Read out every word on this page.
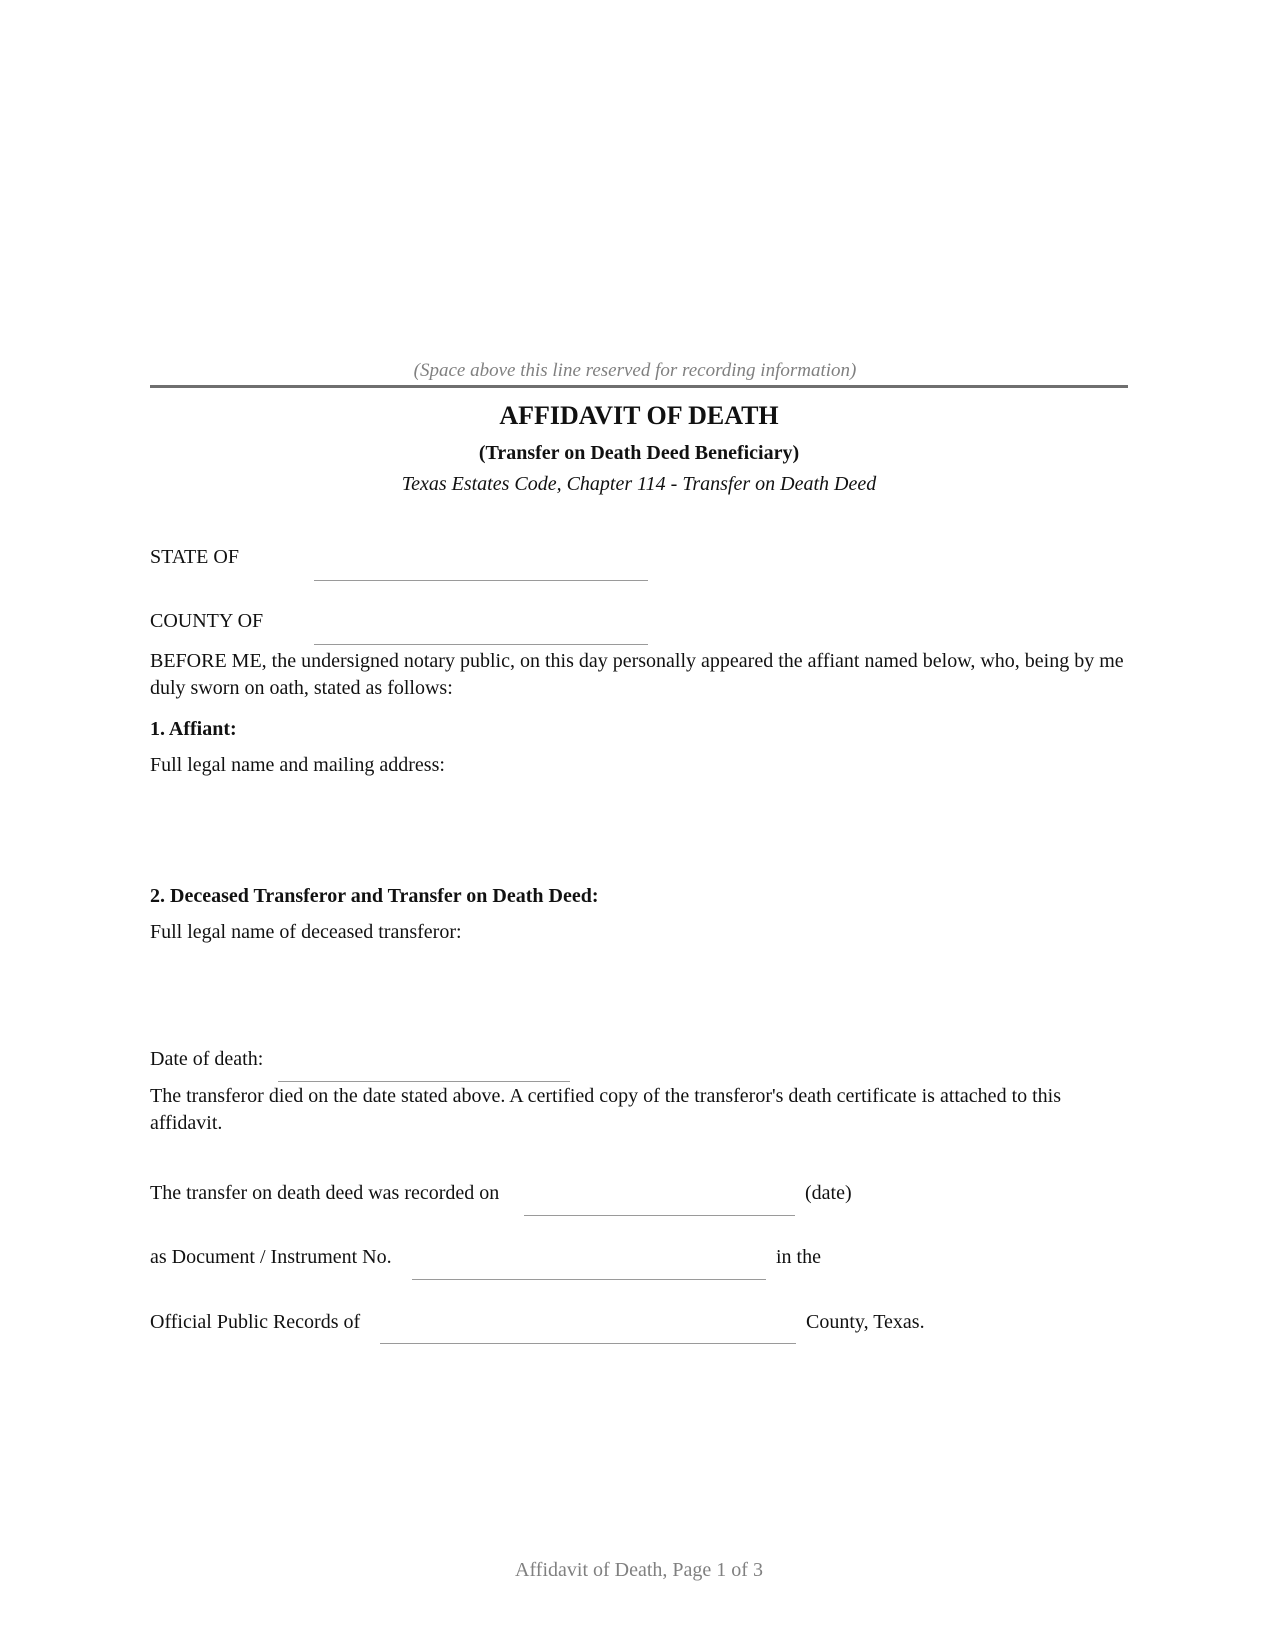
(Space above this line reserved for recording information)
AFFIDAVIT OF DEATH
(Transfer on Death Deed Beneficiary)
Texas Estates Code, Chapter 114 - Transfer on Death Deed
STATE OF
COUNTY OF
BEFORE ME, the undersigned notary public, on this day personally appeared the affiant named below, who, being by me duly sworn on oath, stated as follows:
1. Affiant:
Full legal name and mailing address:
2. Deceased Transferor and Transfer on Death Deed:
Full legal name of deceased transferor:
Date of death:
The transferor died on the date stated above. A certified copy of the transferor's death certificate is attached to this affidavit.
The transfer on death deed was recorded on	(date)
as Document / Instrument No.	in the
Official Public Records of	County, Texas.
Affidavit of Death, Page 1 of 3
